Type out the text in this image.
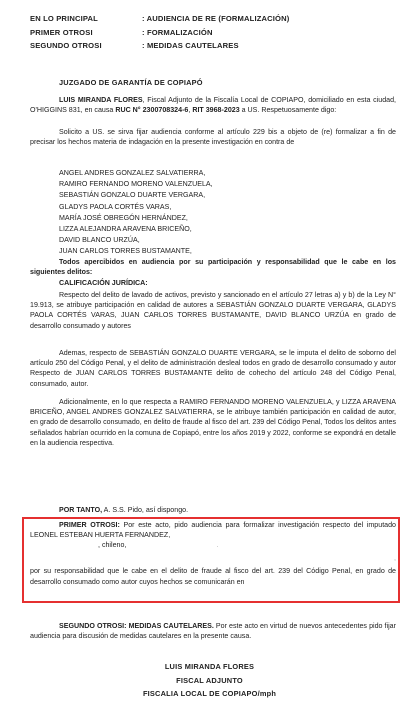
EN LO PRINCIPAL	: AUDIENCIA DE RE (FORMALIZACIÓN)
PRIMER OTROSI	: FORMALIZACIÓN
SEGUNDO OTROSI	: MEDIDAS CAUTELARES
JUZGADO DE GARANTÍA DE COPIAPÓ

LUIS MIRANDA FLORES, Fiscal Adjunto de la Fiscalía Local de COPIAPO, domiciliado en esta ciudad, O'HIGGINS 831, en causa RUC N° 2300708324-6, RIT 3968-2023 a US. Respetuosamente digo:

Solicito a US. se sirva fijar audiencia conforme al artículo 229 bis a objeto de (re) formalizar a fin de precisar los hechos materia de indagación en la presente investigación en contra de

ANGEL ANDRES GONZALEZ SALVATIERRA,
RAMIRO FERNANDO MORENO VALENZUELA,
SEBASTIÁN GONZALO DUARTE VERGARA,
GLADYS PAOLA CORTÉS VARAS,
MARÍA JOSÉ OBREGÓN HERNÁNDEZ,
LIZZA ALEJANDRA ARAVENA BRICEÑO,
DAVID BLANCO URZÚA,
JUAN CARLOS TORRES BUSTAMANTE,

Todos apercibidos en audiencia por su participación y responsabilidad que le cabe en los siguientes delitos:

CALIFICACIÓN JURÍDICA:

Respecto del delito de lavado de activos, previsto y sancionado en el artículo 27 letras a) y b) de la Ley N° 19.913, se atribuye participación en calidad de autores a SEBASTIÁN GONZALO DUARTE VERGARA, GLADYS PAOLA CORTÉS VARAS, JUAN CARLOS TORRES BUSTAMANTE, DAVID BLANCO URZÚA en grado de desarrollo consumado y autores

Ademas, respecto de SEBASTIÁN GONZALO DUARTE VERGARA, se le imputa el delito de soborno del artículo 250 del Código Penal, y el delito de administración desleal todos en grado de desarrollo consumado y autor Respecto de JUAN CARLOS TORRES BUSTAMANTE delito de cohecho del artículo 248 del Código Penal, consumado, autor.

Adicionalmente, en lo que respecta a RAMIRO FERNANDO MORENO VALENZUELA, y LIZZA ARAVENA BRICEÑO, ANGEL ANDRES GONZALEZ SALVATIERRA, se le atribuye también participación en calidad de autor, en grado de desarrollo consumado, en delito de fraude al fisco del art. 239 del Código Penal, Todos los delitos antes señalados habrían ocurrido en la comuna de Copiapó, entre los años 2019 y 2022, conforme se expondrá en detalle en la audiencia respectiva.

POR TANTO, A. S.S. Pido, así dispongo.

PRIMER OTROSI: Por este acto, pido audiencia para formalizar investigación respecto del imputado LEONEL ESTEBAN HUERTA FERNANDEZ,

, chileno,	.
,
por su responsabilidad que le cabe en el delito de fraude al fisco del art. 239 del Código Penal, en grado de desarrollo consumado como autor cuyos hechos se comunicarán en

SEGUNDO OTROSI: MEDIDAS CAUTELARES. Por este acto en virtud de nuevos antecedentes pido fijar audiencia para discusión de medidas cautelares en la presente causa.

LUIS MIRANDA FLORES
FISCAL ADJUNTO
FISCALIA LOCAL DE COPIAPO/mph
